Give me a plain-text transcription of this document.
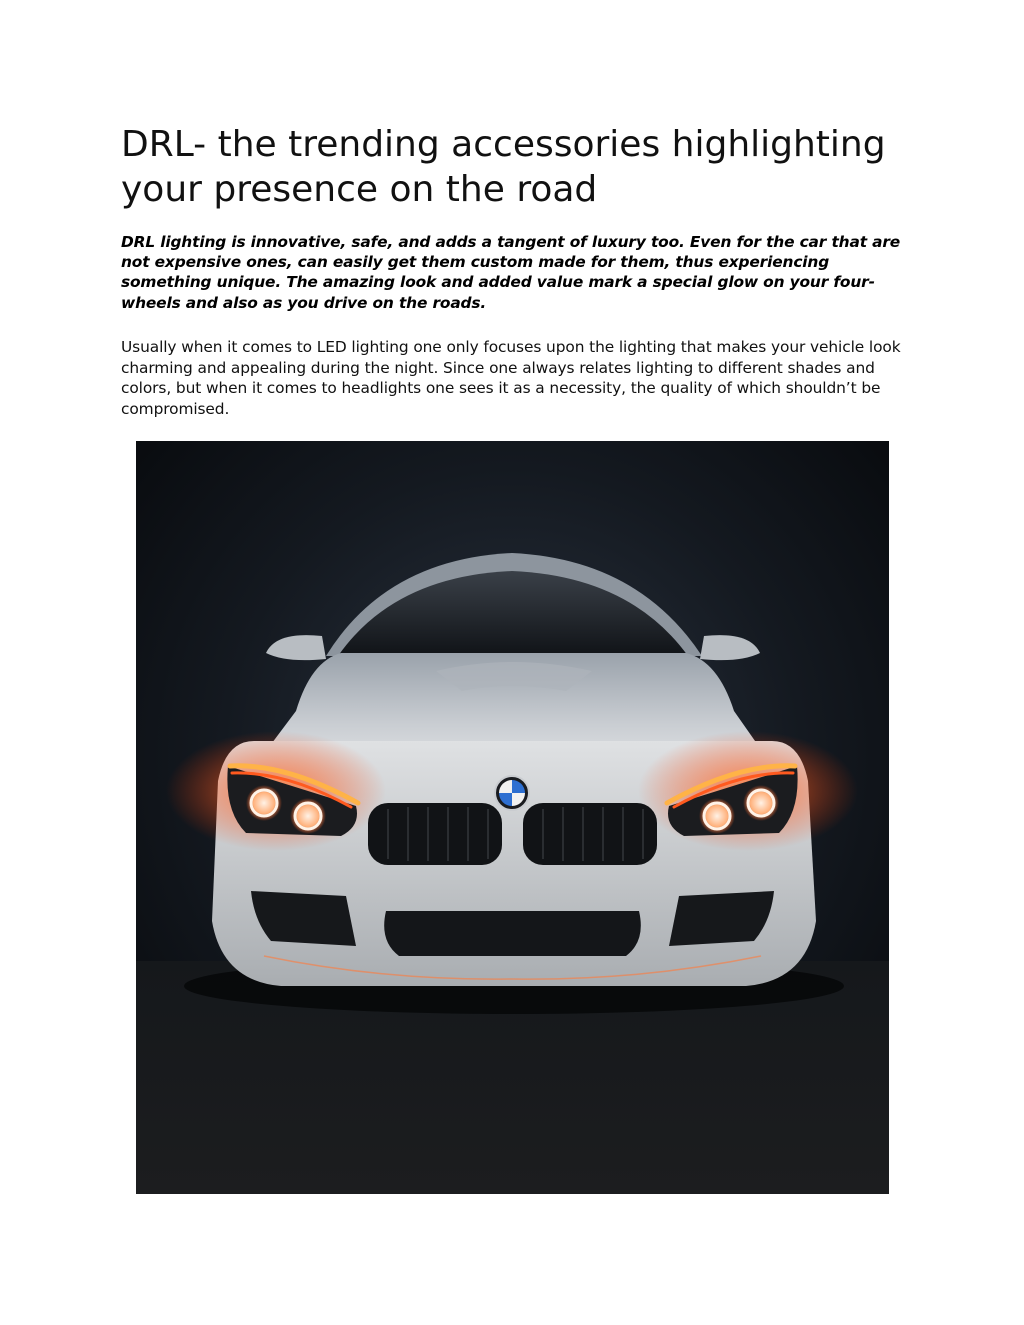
DRL- the trending accessories highlighting your presence on the road

DRL lighting is innovative, safe, and adds a tangent of luxury too. Even for the car that are not expensive ones, can easily get them custom made for them, thus experiencing something unique. The amazing look and added value mark a special glow on your four-wheels and also as you drive on the roads.

Usually when it comes to LED lighting one only focuses upon the lighting that makes your vehicle look charming and appealing during the night. Since one always relates lighting to different shades and colors, but when it comes to headlights one sees it as a necessity, the quality of which shouldn’t be compromised.
